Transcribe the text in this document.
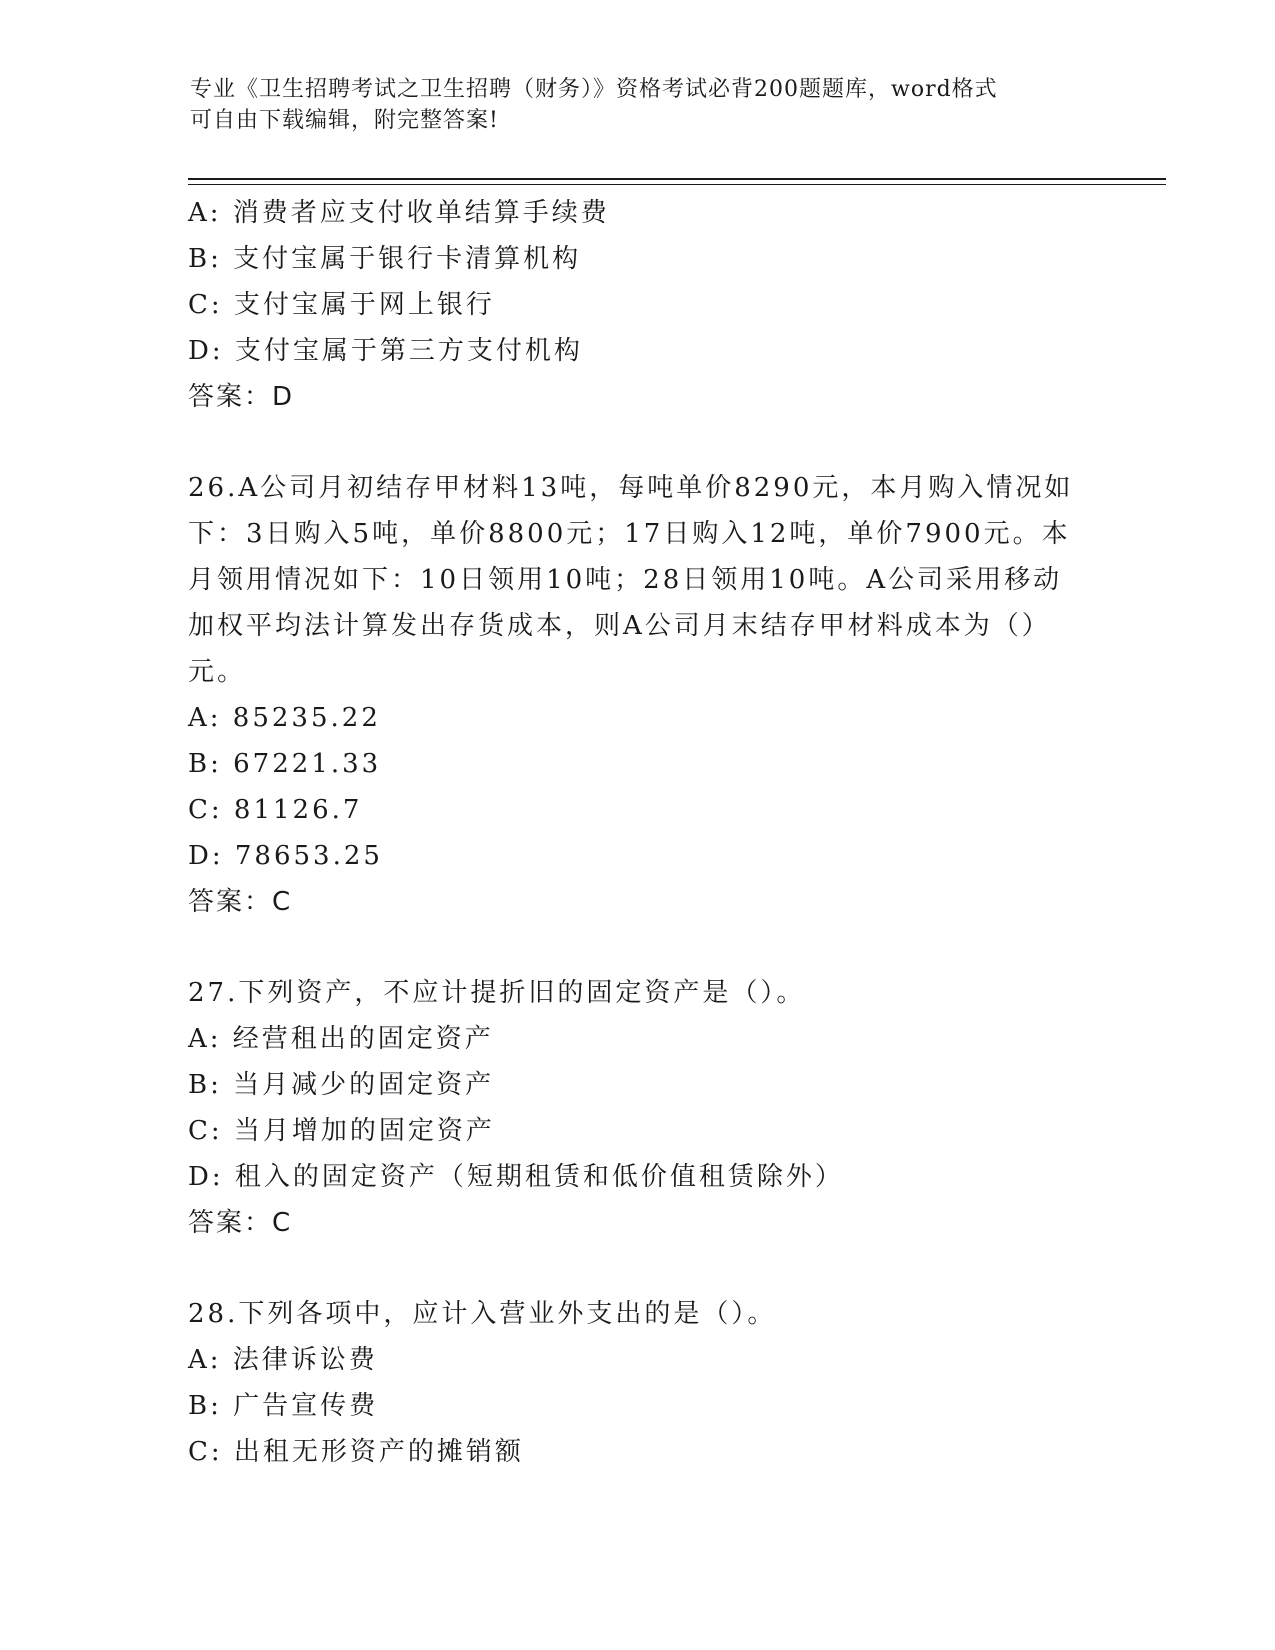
专业《卫生招聘考试之卫生招聘（财务）》资格考试必背200题题库，word格式
可自由下载编辑，附完整答案!
A: 消费者应支付收单结算手续费
B: 支付宝属于银行卡清算机构
C: 支付宝属于网上银行
D: 支付宝属于第三方支付机构
答案：D
26.A公司月初结存甲材料13吨，每吨单价8290元，本月购入情况如
下：3日购入5吨，单价8800元；17日购入12吨，单价7900元。本
月领用情况如下：10日领用10吨；28日领用10吨。A公司采用移动
加权平均法计算发出存货成本，则A公司月末结存甲材料成本为（）
元。
A: 85235.22
B: 67221.33
C: 81126.7
D: 78653.25
答案：C
27.下列资产，不应计提折旧的固定资产是（）。
A: 经营租出的固定资产
B: 当月减少的固定资产
C: 当月增加的固定资产
D: 租入的固定资产（短期租赁和低价值租赁除外）
答案：C
28.下列各项中，应计入营业外支出的是（）。
A: 法律诉讼费
B: 广告宣传费
C: 出租无形资产的摊销额
